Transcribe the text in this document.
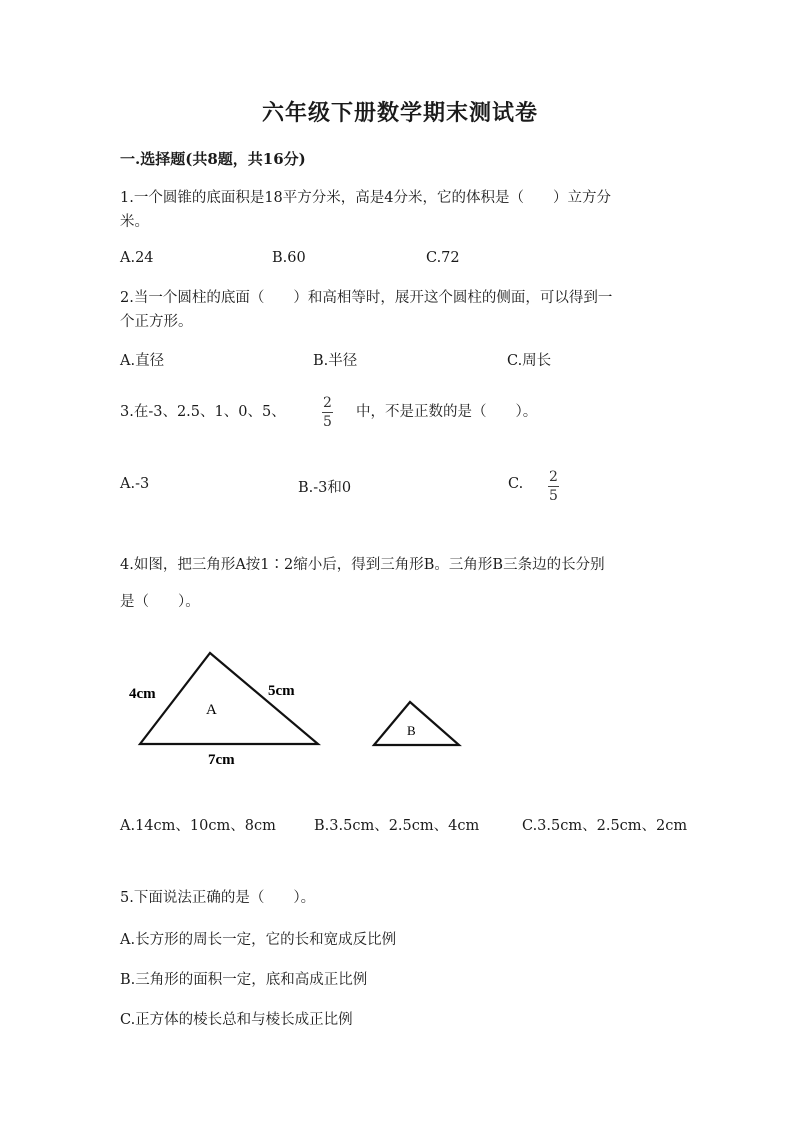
六年级下册数学期末测试卷
一.选择题(共8题，共16分)
1.一个圆锥的底面积是18平方分米，高是4分米，它的体积是（　　）立方分
米。
A.24	B.60	C.72
2.当一个圆柱的底面（　　）和高相等时，展开这个圆柱的侧面，可以得到一
个正方形。
A.直径	B.半径	C.周长
3.在-3、2.5、1、0、5、
2
5
中，不是正数的是（　　）。
A.-3	B.-3和0	C. 2
5
4.如图，把三角形A按1∶2缩小后，得到三角形B。三角形B三条边的长分别
是（　　）。
A
B
4cm	5cm
7cm
A.14cm、10cm、8cm	B.3.5cm、2.5cm、4cm	C.3.5cm、2.5cm、2cm
5.下面说法正确的是（　　）。
A.长方形的周长一定，它的长和宽成反比例
B.三角形的面积一定，底和高成正比例
C.正方体的棱长总和与棱长成正比例
